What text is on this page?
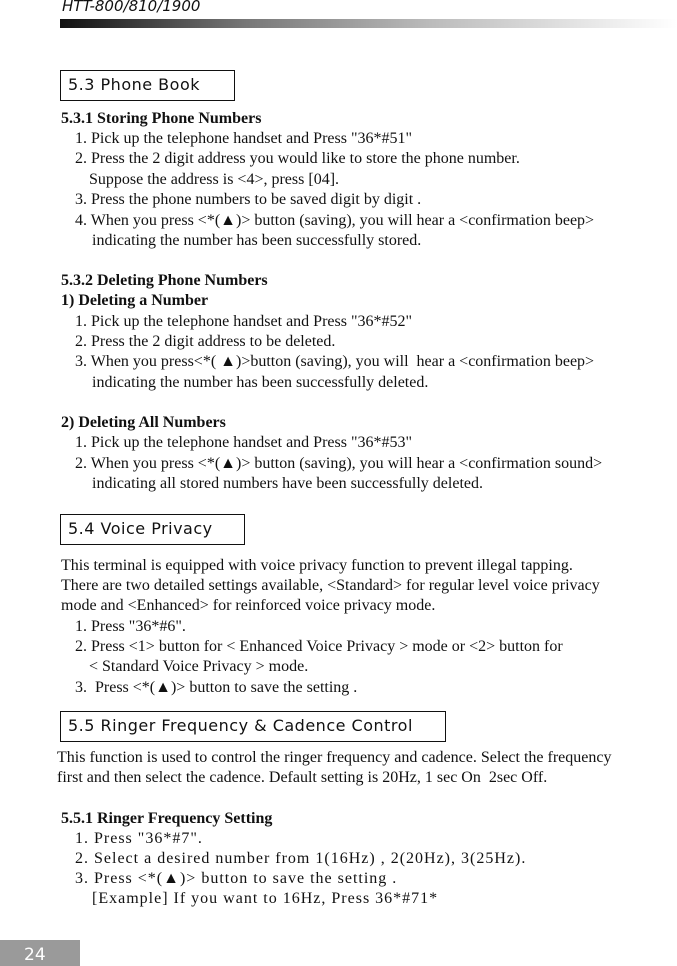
HTT-800/810/1900
5.3 Phone Book
5.3.1 Storing Phone Numbers
1. Pick up the telephone handset and Press "36*#51"
2. Press the 2 digit address you would like to store the phone number.
Suppose the address is <4>, press [04].
3. Press the phone numbers to be saved digit by digit .
4. When you press <*(▲)> button (saving), you will hear a <confirmation beep>
indicating the number has been successfully stored.
5.3.2 Deleting Phone Numbers
1) Deleting a Number
1. Pick up the telephone handset and Press "36*#52"
2. Press the 2 digit address to be deleted.
3. When you press<*( ▲)>button (saving), you will  hear a <confirmation beep>
indicating the number has been successfully deleted.
2) Deleting All Numbers
1. Pick up the telephone handset and Press "36*#53"
2. When you press <*(▲)> button (saving), you will hear a <confirmation sound>
indicating all stored numbers have been successfully deleted.
5.4 Voice Privacy
This terminal is equipped with voice privacy function to prevent illegal tapping.
There are two detailed settings available, <Standard> for regular level voice privacy
mode and <Enhanced> for reinforced voice privacy mode.
1. Press "36*#6".
2. Press <1> button for < Enhanced Voice Privacy > mode or <2> button for
< Standard Voice Privacy > mode.
3.  Press <*(▲)> button to save the setting .
5.5 Ringer Frequency & Cadence Control
This function is used to control the ringer frequency and cadence. Select the frequency
first and then select the cadence. Default setting is 20Hz, 1 sec On  2sec Off.
5.5.1 Ringer Frequency Setting
1. Press "36*#7".
2. Select a desired number from 1(16Hz) , 2(20Hz), 3(25Hz).
3. Press <*(▲)> button to save the setting .
[Example] If you want to 16Hz, Press 36*#71*
24
